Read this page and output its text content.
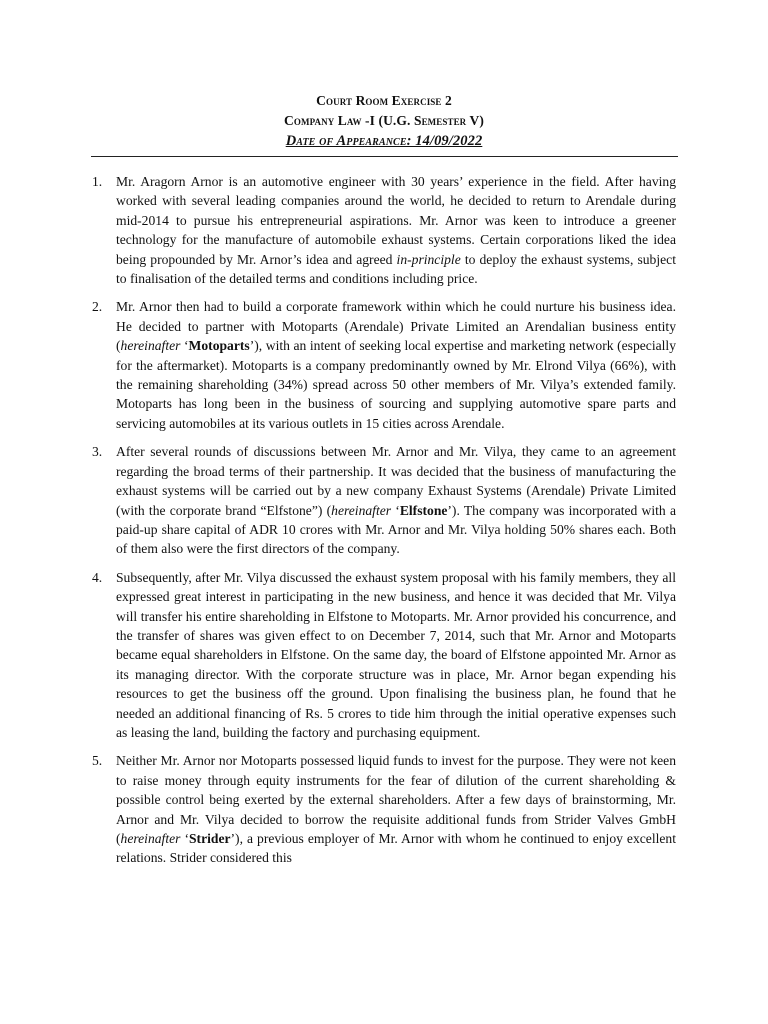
Court Room Exercise 2
Company Law -I (U.G. Semester V)
Date of Appearance: 14/09/2022
1.	Mr. Aragorn Arnor is an automotive engineer with 30 years’ experience in the field. After having worked with several leading companies around the world, he decided to return to Arendale during mid-2014 to pursue his entrepreneurial aspirations. Mr. Arnor was keen to introduce a greener technology for the manufacture of automobile exhaust systems. Certain corporations liked the idea being propounded by Mr. Arnor’s idea and agreed in-principle to deploy the exhaust systems, subject to finalisation of the detailed terms and conditions including price.
2.	Mr. Arnor then had to build a corporate framework within which he could nurture his business idea. He decided to partner with Motoparts (Arendale) Private Limited an Arendalian business entity (hereinafter ‘Motoparts’), with an intent of seeking local expertise and marketing network (especially for the aftermarket). Motoparts is a company predominantly owned by Mr. Elrond Vilya (66%), with the remaining shareholding (34%) spread across 50 other members of Mr. Vilya’s extended family. Motoparts has long been in the business of sourcing and supplying automotive spare parts and servicing automobiles at its various outlets in 15 cities across Arendale.
3.	After several rounds of discussions between Mr. Arnor and Mr. Vilya, they came to an agreement regarding the broad terms of their partnership. It was decided that the business of manufacturing the exhaust systems will be carried out by a new company Exhaust Systems (Arendale) Private Limited (with the corporate brand “Elfstone”) (hereinafter ‘Elfstone’). The company was incorporated with a paid-up share capital of ADR 10 crores with Mr. Arnor and Mr. Vilya holding 50% shares each. Both of them also were the first directors of the company.
4.	Subsequently, after Mr. Vilya discussed the exhaust system proposal with his family members, they all expressed great interest in participating in the new business, and hence it was decided that Mr. Vilya will transfer his entire shareholding in Elfstone to Motoparts. Mr. Arnor provided his concurrence, and the transfer of shares was given effect to on December 7, 2014, such that Mr. Arnor and Motoparts became equal shareholders in Elfstone. On the same day, the board of Elfstone appointed Mr. Arnor as its managing director. With the corporate structure was in place, Mr. Arnor began expending his resources to get the business off the ground. Upon finalising the business plan, he found that he needed an additional financing of Rs. 5 crores to tide him through the initial operative expenses such as leasing the land, building the factory and purchasing equipment.
5.	Neither Mr. Arnor nor Motoparts possessed liquid funds to invest for the purpose. They were not keen to raise money through equity instruments for the fear of dilution of the current shareholding & possible control being exerted by the external shareholders. After a few days of brainstorming, Mr. Arnor and Mr. Vilya decided to borrow the requisite additional funds from Strider Valves GmbH (hereinafter ‘Strider’), a previous employer of Mr. Arnor with whom he continued to enjoy excellent relations. Strider considered this
